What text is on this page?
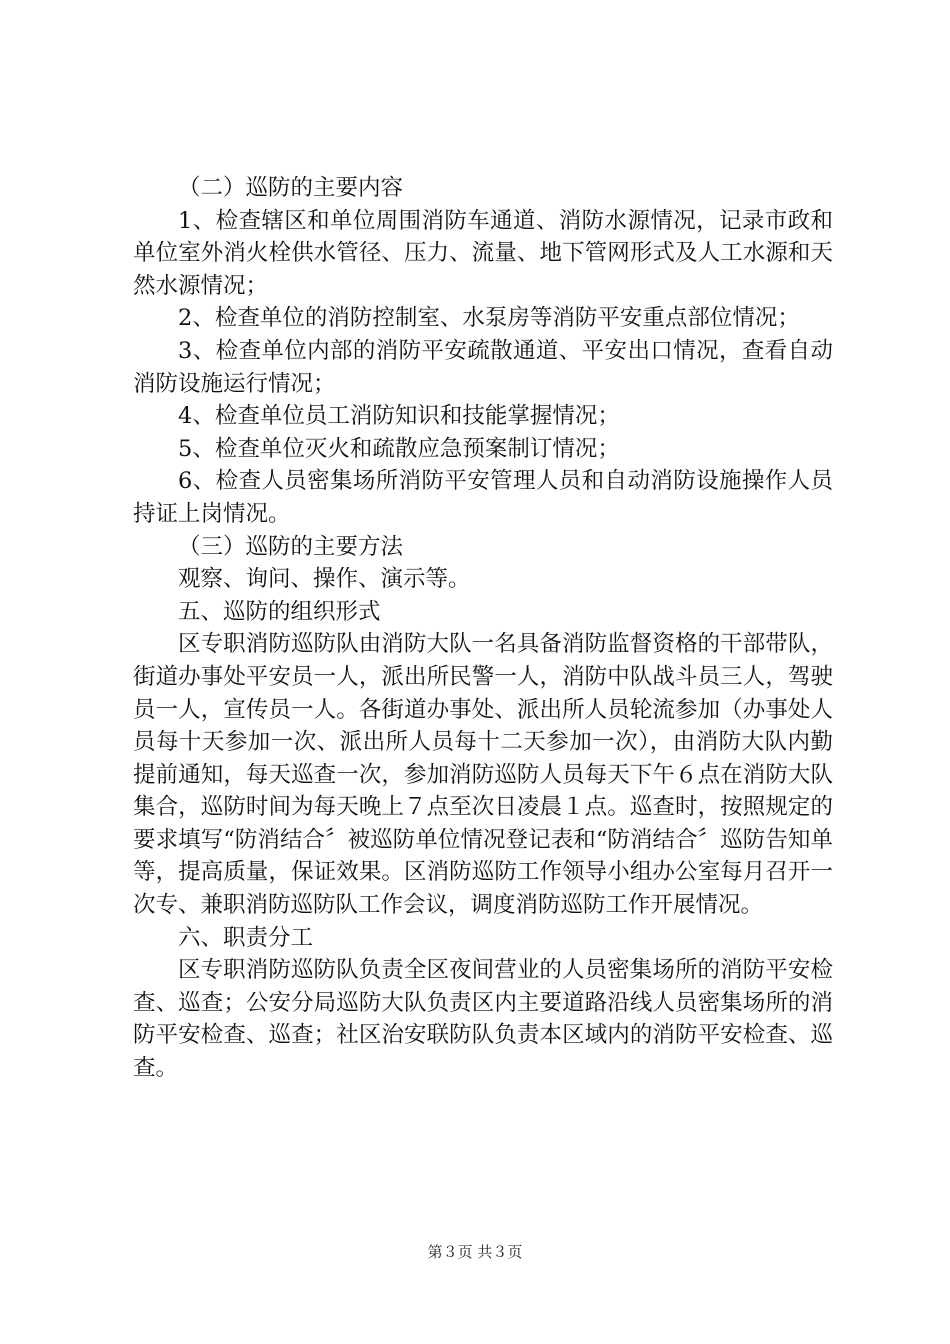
（二）巡防的主要内容

1、检查辖区和单位周围消防车通道、消防水源情况，记录市政和单位室外消火栓供水管径、压力、流量、地下管网形式及人工水源和天然水源情况；

2、检查单位的消防控制室、水泵房等消防平安重点部位情况；

3、检查单位内部的消防平安疏散通道、平安出口情况，查看自动消防设施运行情况；

4、检查单位员工消防知识和技能掌握情况；

5、检查单位灭火和疏散应急预案制订情况；

6、检查人员密集场所消防平安管理人员和自动消防设施操作人员持证上岗情况。

（三）巡防的主要方法

观察、询问、操作、演示等。

五、巡防的组织形式

区专职消防巡防队由消防大队一名具备消防监督资格的干部带队，街道办事处平安员一人，派出所民警一人，消防中队战斗员三人，驾驶员一人，宣传员一人。各街道办事处、派出所人员轮流参加（办事处人员每十天参加一次、派出所人员每十二天参加一次），由消防大队内勤提前通知，每天巡查一次，参加消防巡防人员每天下午６点在消防大队集合，巡防时间为每天晚上７点至次日凌晨１点。巡查时，按照规定的要求填写“防消结合〞被巡防单位情况登记表和“防消结合〞巡防告知单等，提高质量，保证效果。区消防巡防工作领导小组办公室每月召开一次专、兼职消防巡防队工作会议，调度消防巡防工作开展情况。

六、职责分工

区专职消防巡防队负责全区夜间营业的人员密集场所的消防平安检查、巡查；公安分局巡防大队负责区内主要道路沿线人员密集场所的消防平安检查、巡查；社区治安联防队负责本区域内的消防平安检查、巡查。

第３页 共３页
